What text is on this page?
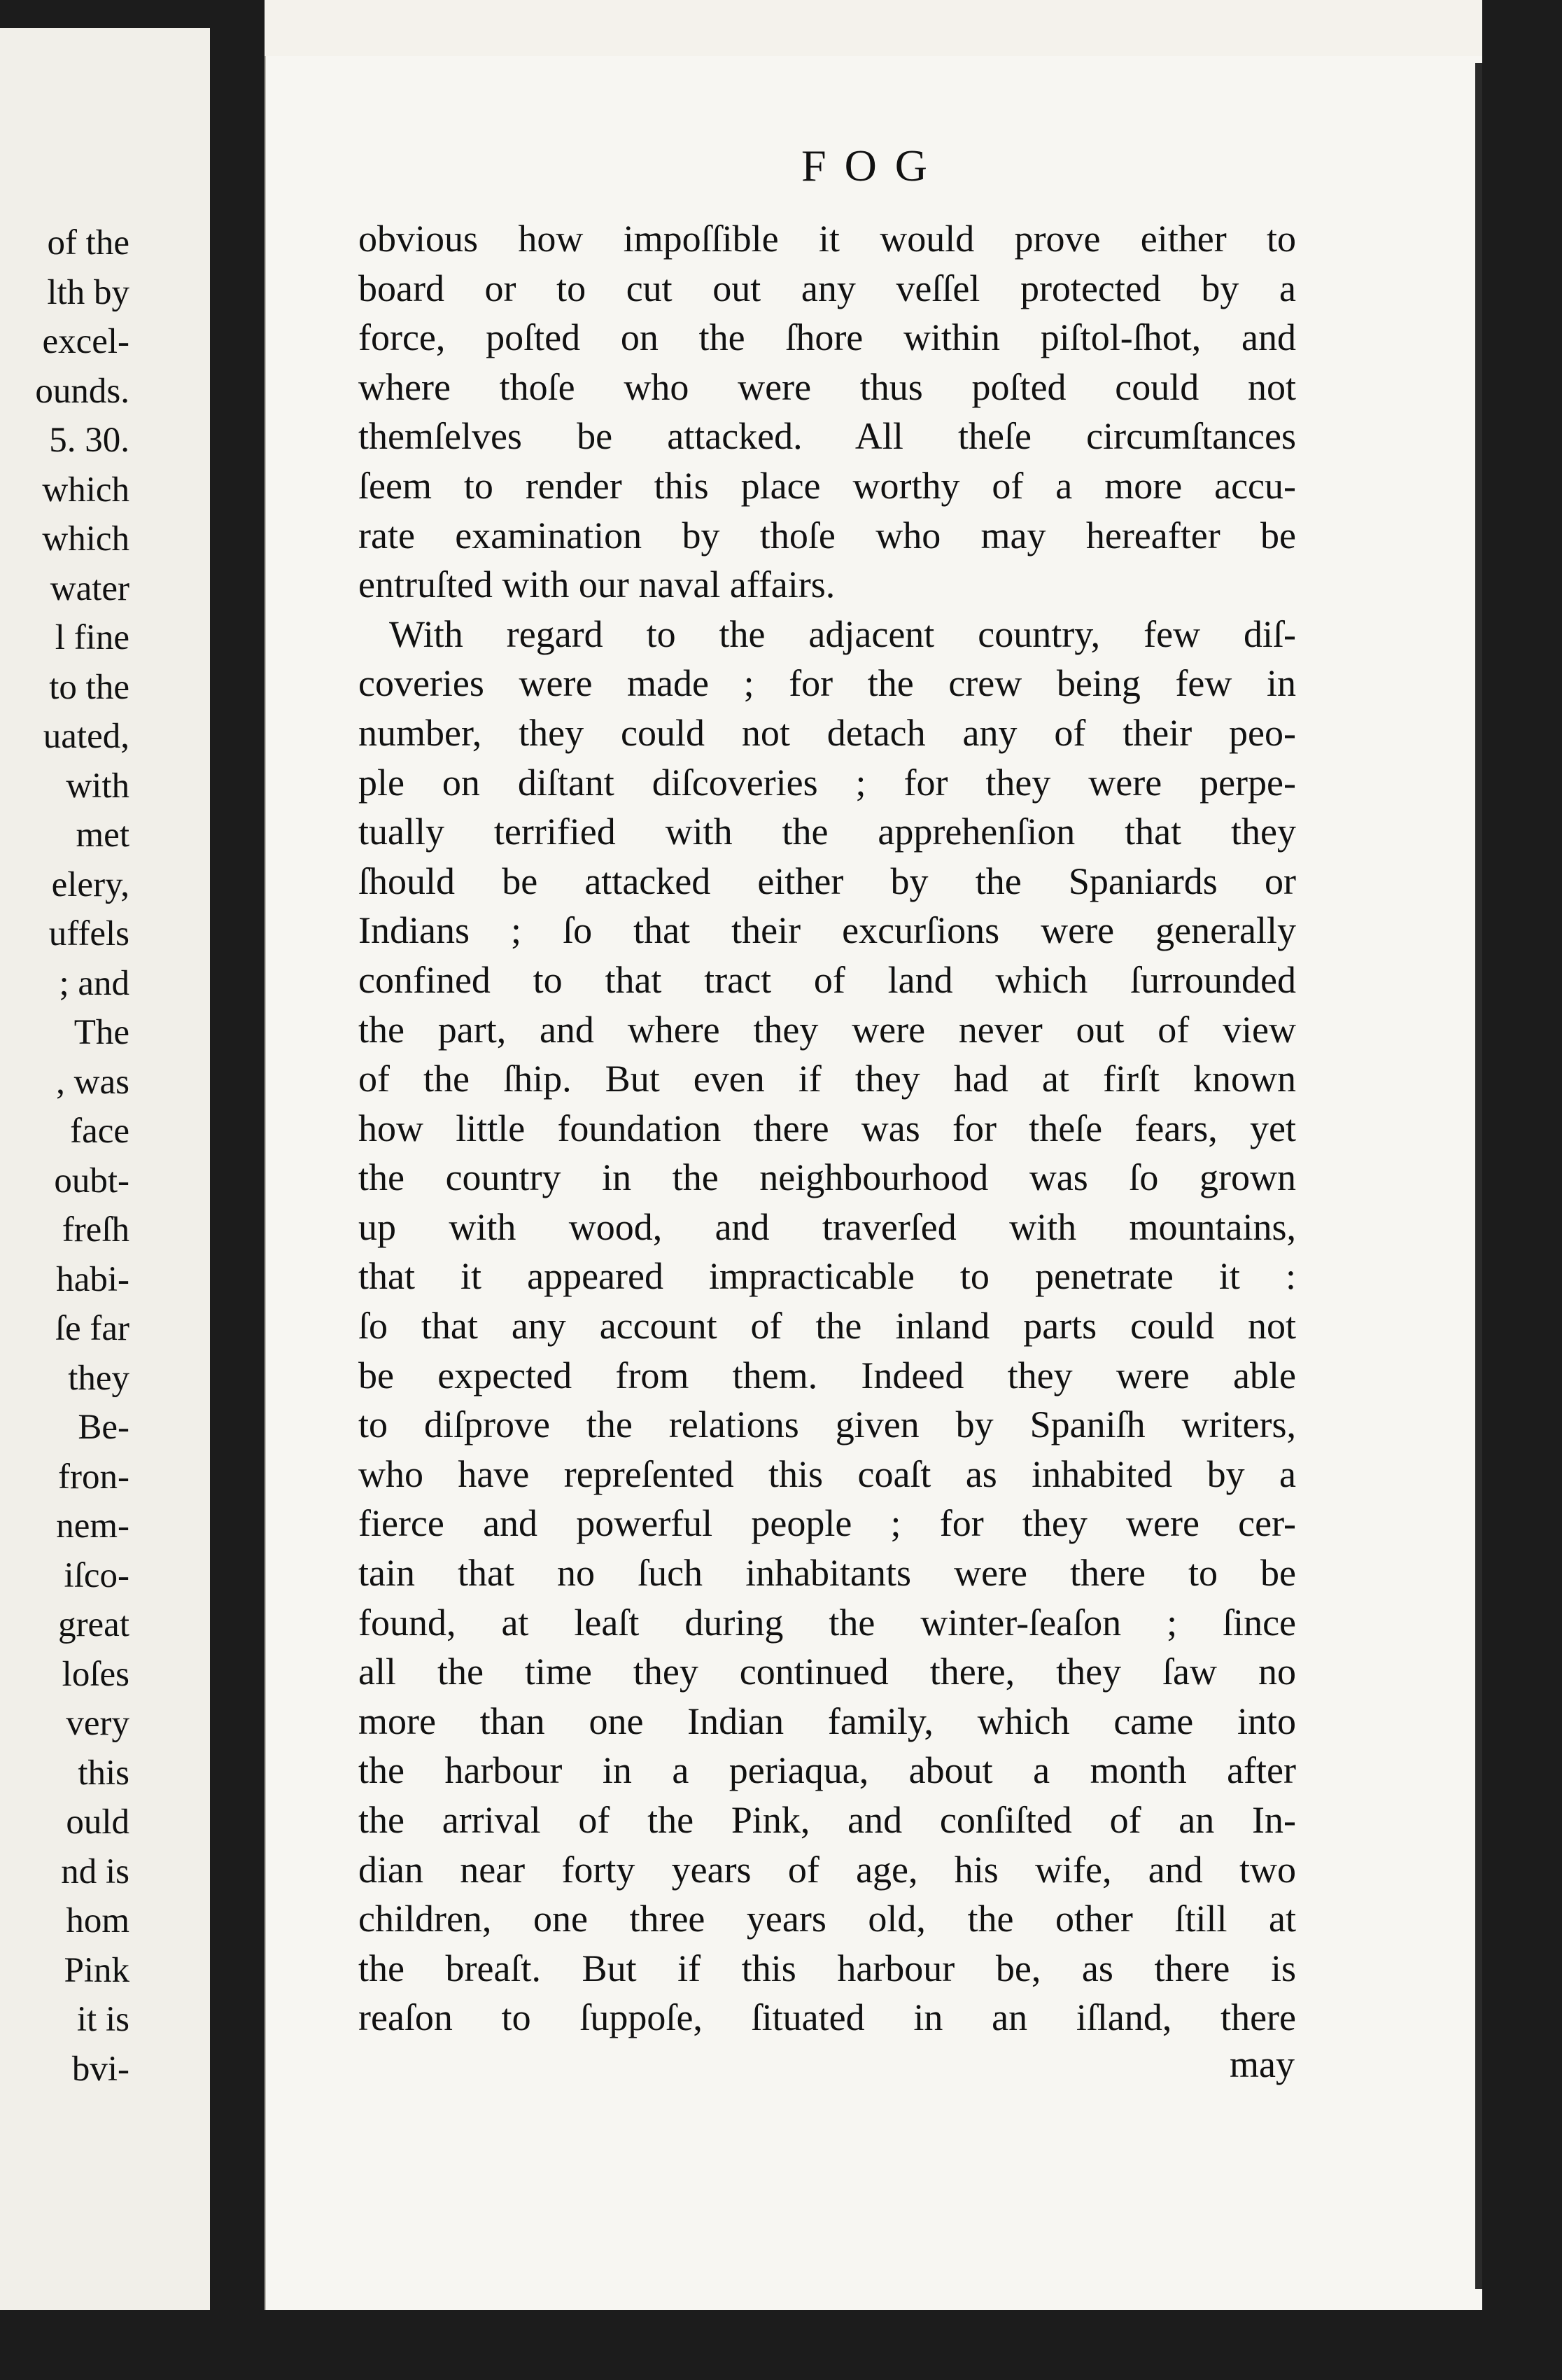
of the
lth by
excel-
ounds.
5. 30.
which
which
water
l fine
to the
uated,
with
met
elery,
uffels
; and
The
, was
face
oubt-
freſh
habi-
ſe far
they
Be-
fron-
nem-
iſco-
great
loſes
very
this
ould
nd is
hom
Pink
it is
bvi-
FOG
obvious how impoſſible it would prove either to
board or to cut out any veſſel protected by a
force, poſted on the ſhore within piſtol-ſhot, and
where thoſe who were thus poſted could not
themſelves be attacked. All theſe circumſtances
ſeem to render this place worthy of a more accu-
rate examination by thoſe who may hereafter be
entruſted with our naval affairs.
With regard to the adjacent country, few diſ-
coveries were made ; for the crew being few in
number, they could not detach any of their peo-
ple on diſtant diſcoveries ; for they were perpe-
tually terrified with the apprehenſion that they
ſhould be attacked either by the Spaniards or
Indians ; ſo that their excurſions were generally
confined to that tract of land which ſurrounded
the part, and where they were never out of view
of the ſhip. But even if they had at firſt known
how little foundation there was for theſe fears, yet
the country in the neighbourhood was ſo grown
up with wood, and traverſed with mountains,
that it appeared impracticable to penetrate it :
ſo that any account of the inland parts could not
be expected from them. Indeed they were able
to diſprove the relations given by Spaniſh writers,
who have repreſented this coaſt as inhabited by a
fierce and powerful people ; for they were cer-
tain that no ſuch inhabitants were there to be
found, at leaſt during the winter-ſeaſon ; ſince
all the time they continued there, they ſaw no
more than one Indian family, which came into
the harbour in a periaqua, about a month after
the arrival of the Pink, and conſiſted of an In-
dian near forty years of age, his wife, and two
children, one three years old, the other ſtill at
the breaſt. But if this harbour be, as there is
reaſon to ſuppoſe, ſituated in an iſland, there
may
